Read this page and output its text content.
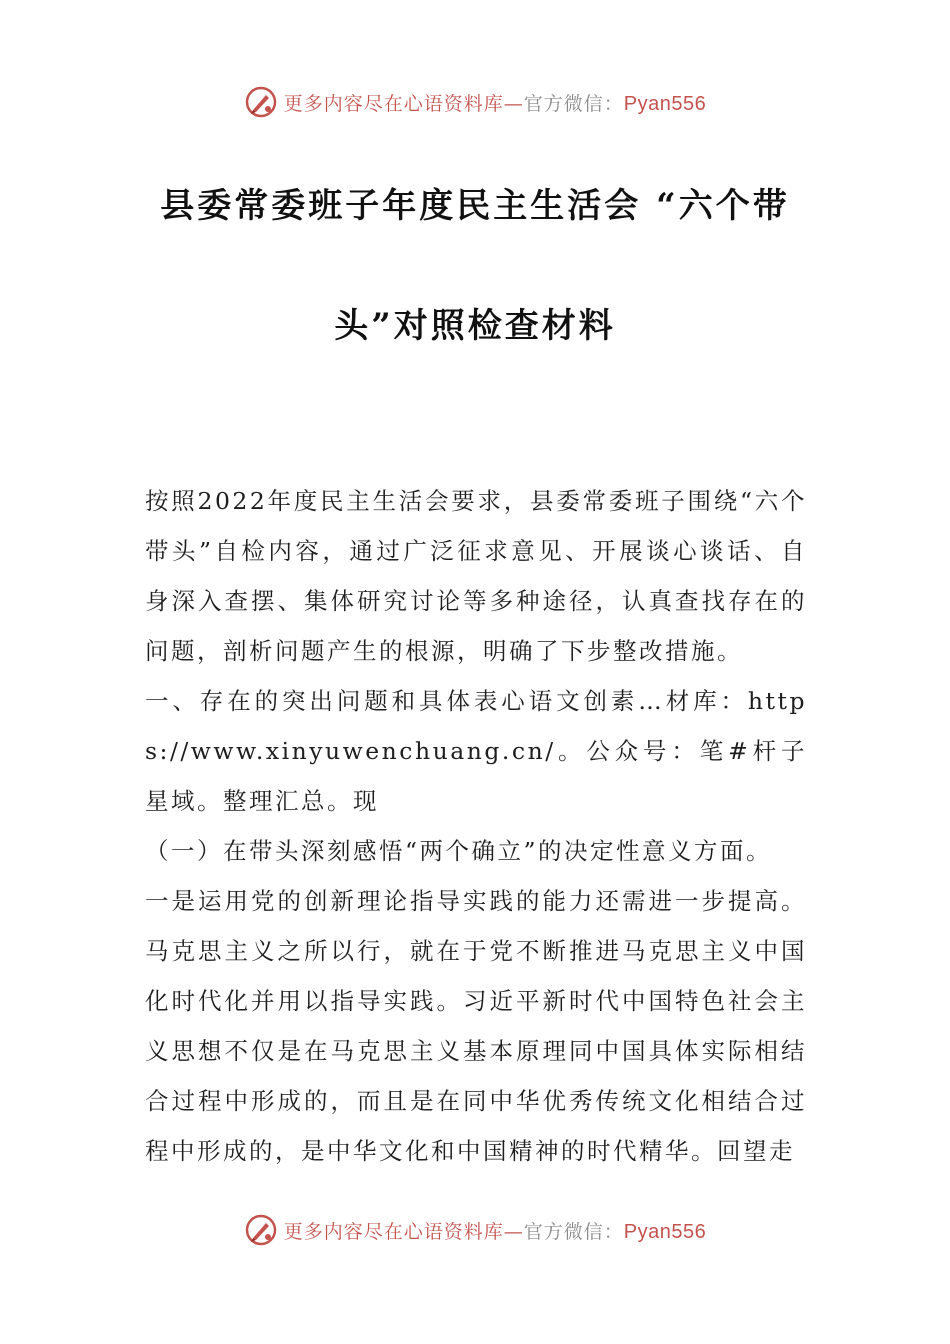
更多内容尽在心语资料库—官方微信：Pyan556
县委常委班子年度民主生活会 “六个带
头”对照检查材料

按照2022年度民主生活会要求，县委常委班子围绕“六个带头”自检内容，通过广泛征求意见、开展谈心谈话、自身深入查摆、集体研究讨论等多种途径，认真查找存在的问题，剖析问题产生的根源，明确了下步整改措施。

一、存在的突出问题和具体表心语文创素…材库：https://www.xinyuwenchuang.cn/。公众号：笔#杆子星域。整理汇总。现

（一）在带头深刻感悟“两个确立”的决定性意义方面。

一是运用党的创新理论指导实践的能力还需进一步提高。马克思主义之所以行，就在于党不断推进马克思主义中国化时代化并用以指导实践。习近平新时代中国特色社会主义思想不仅是在马克思主义基本原理同中国具体实际相结合过程中形成的，而且是在同中华优秀传统文化相结合过程中形成的，是中华文化和中国精神的时代精华。回望走

更多内容尽在心语资料库—官方微信：Pyan556
